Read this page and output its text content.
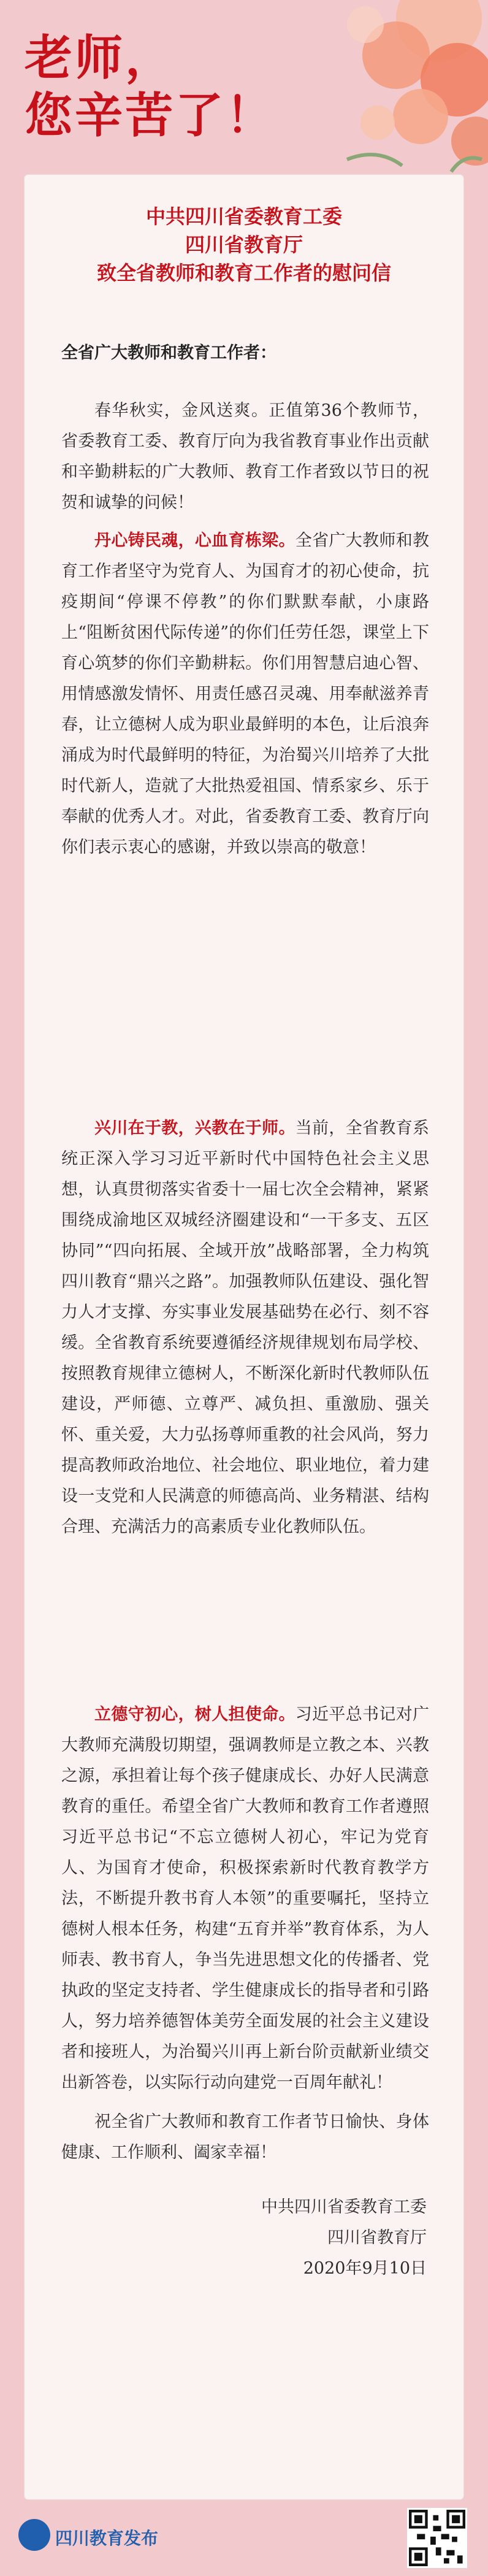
老师，
您辛苦了！
中共四川省委教育工委
四川省教育厅
致全省教师和教育工作者的慰问信

全省广大教师和教育工作者：

春华秋实，金风送爽。正值第36个教师节，省委教育工委、教育厅向为我省教育事业作出贡献和辛勤耕耘的广大教师、教育工作者致以节日的祝贺和诚挚的问候！

丹心铸民魂，心血育栋梁。全省广大教师和教育工作者坚守为党育人、为国育才的初心使命，抗疫期间“停课不停教”的你们默默奉献，小康路上“阻断贫困代际传递”的你们任劳任怨，课堂上下育心筑梦的你们辛勤耕耘。你们用智慧启迪心智、用情感激发情怀、用责任感召灵魂、用奉献滋养青春，让立德树人成为职业最鲜明的本色，让后浪奔涌成为时代最鲜明的特征，为治蜀兴川培养了大批时代新人，造就了大批热爱祖国、情系家乡、乐于奉献的优秀人才。对此，省委教育工委、教育厅向你们表示衷心的感谢，并致以崇高的敬意！

兴川在于教，兴教在于师。当前，全省教育系统正深入学习习近平新时代中国特色社会主义思想，认真贯彻落实省委十一届七次全会精神，紧紧围绕成渝地区双城经济圈建设和“一干多支、五区协同”“四向拓展、全域开放”战略部署，全力构筑四川教育“鼎兴之路”。加强教师队伍建设、强化智力人才支撑、夯实事业发展基础势在必行、刻不容缓。全省教育系统要遵循经济规律规划布局学校、按照教育规律立德树人，不断深化新时代教师队伍建设，严师德、立尊严、减负担、重激励、强关怀、重关爱，大力弘扬尊师重教的社会风尚，努力提高教师政治地位、社会地位、职业地位，着力建设一支党和人民满意的师德高尚、业务精湛、结构合理、充满活力的高素质专业化教师队伍。

立德守初心，树人担使命。习近平总书记对广大教师充满殷切期望，强调教师是立教之本、兴教之源，承担着让每个孩子健康成长、办好人民满意教育的重任。希望全省广大教师和教育工作者遵照习近平总书记“不忘立德树人初心，牢记为党育人、为国育才使命，积极探索新时代教育教学方法，不断提升教书育人本领”的重要嘱托，坚持立德树人根本任务，构建“五育并举”教育体系，为人师表、教书育人，争当先进思想文化的传播者、党执政的坚定支持者、学生健康成长的指导者和引路人，努力培养德智体美劳全面发展的社会主义建设者和接班人，为治蜀兴川再上新台阶贡献新业绩交出新答卷，以实际行动向建党一百周年献礼！

祝全省广大教师和教育工作者节日愉快、身体健康、工作顺利、阖家幸福！

中共四川省委教育工委
四川省教育厅
2020年9月10日
四川教育发布
